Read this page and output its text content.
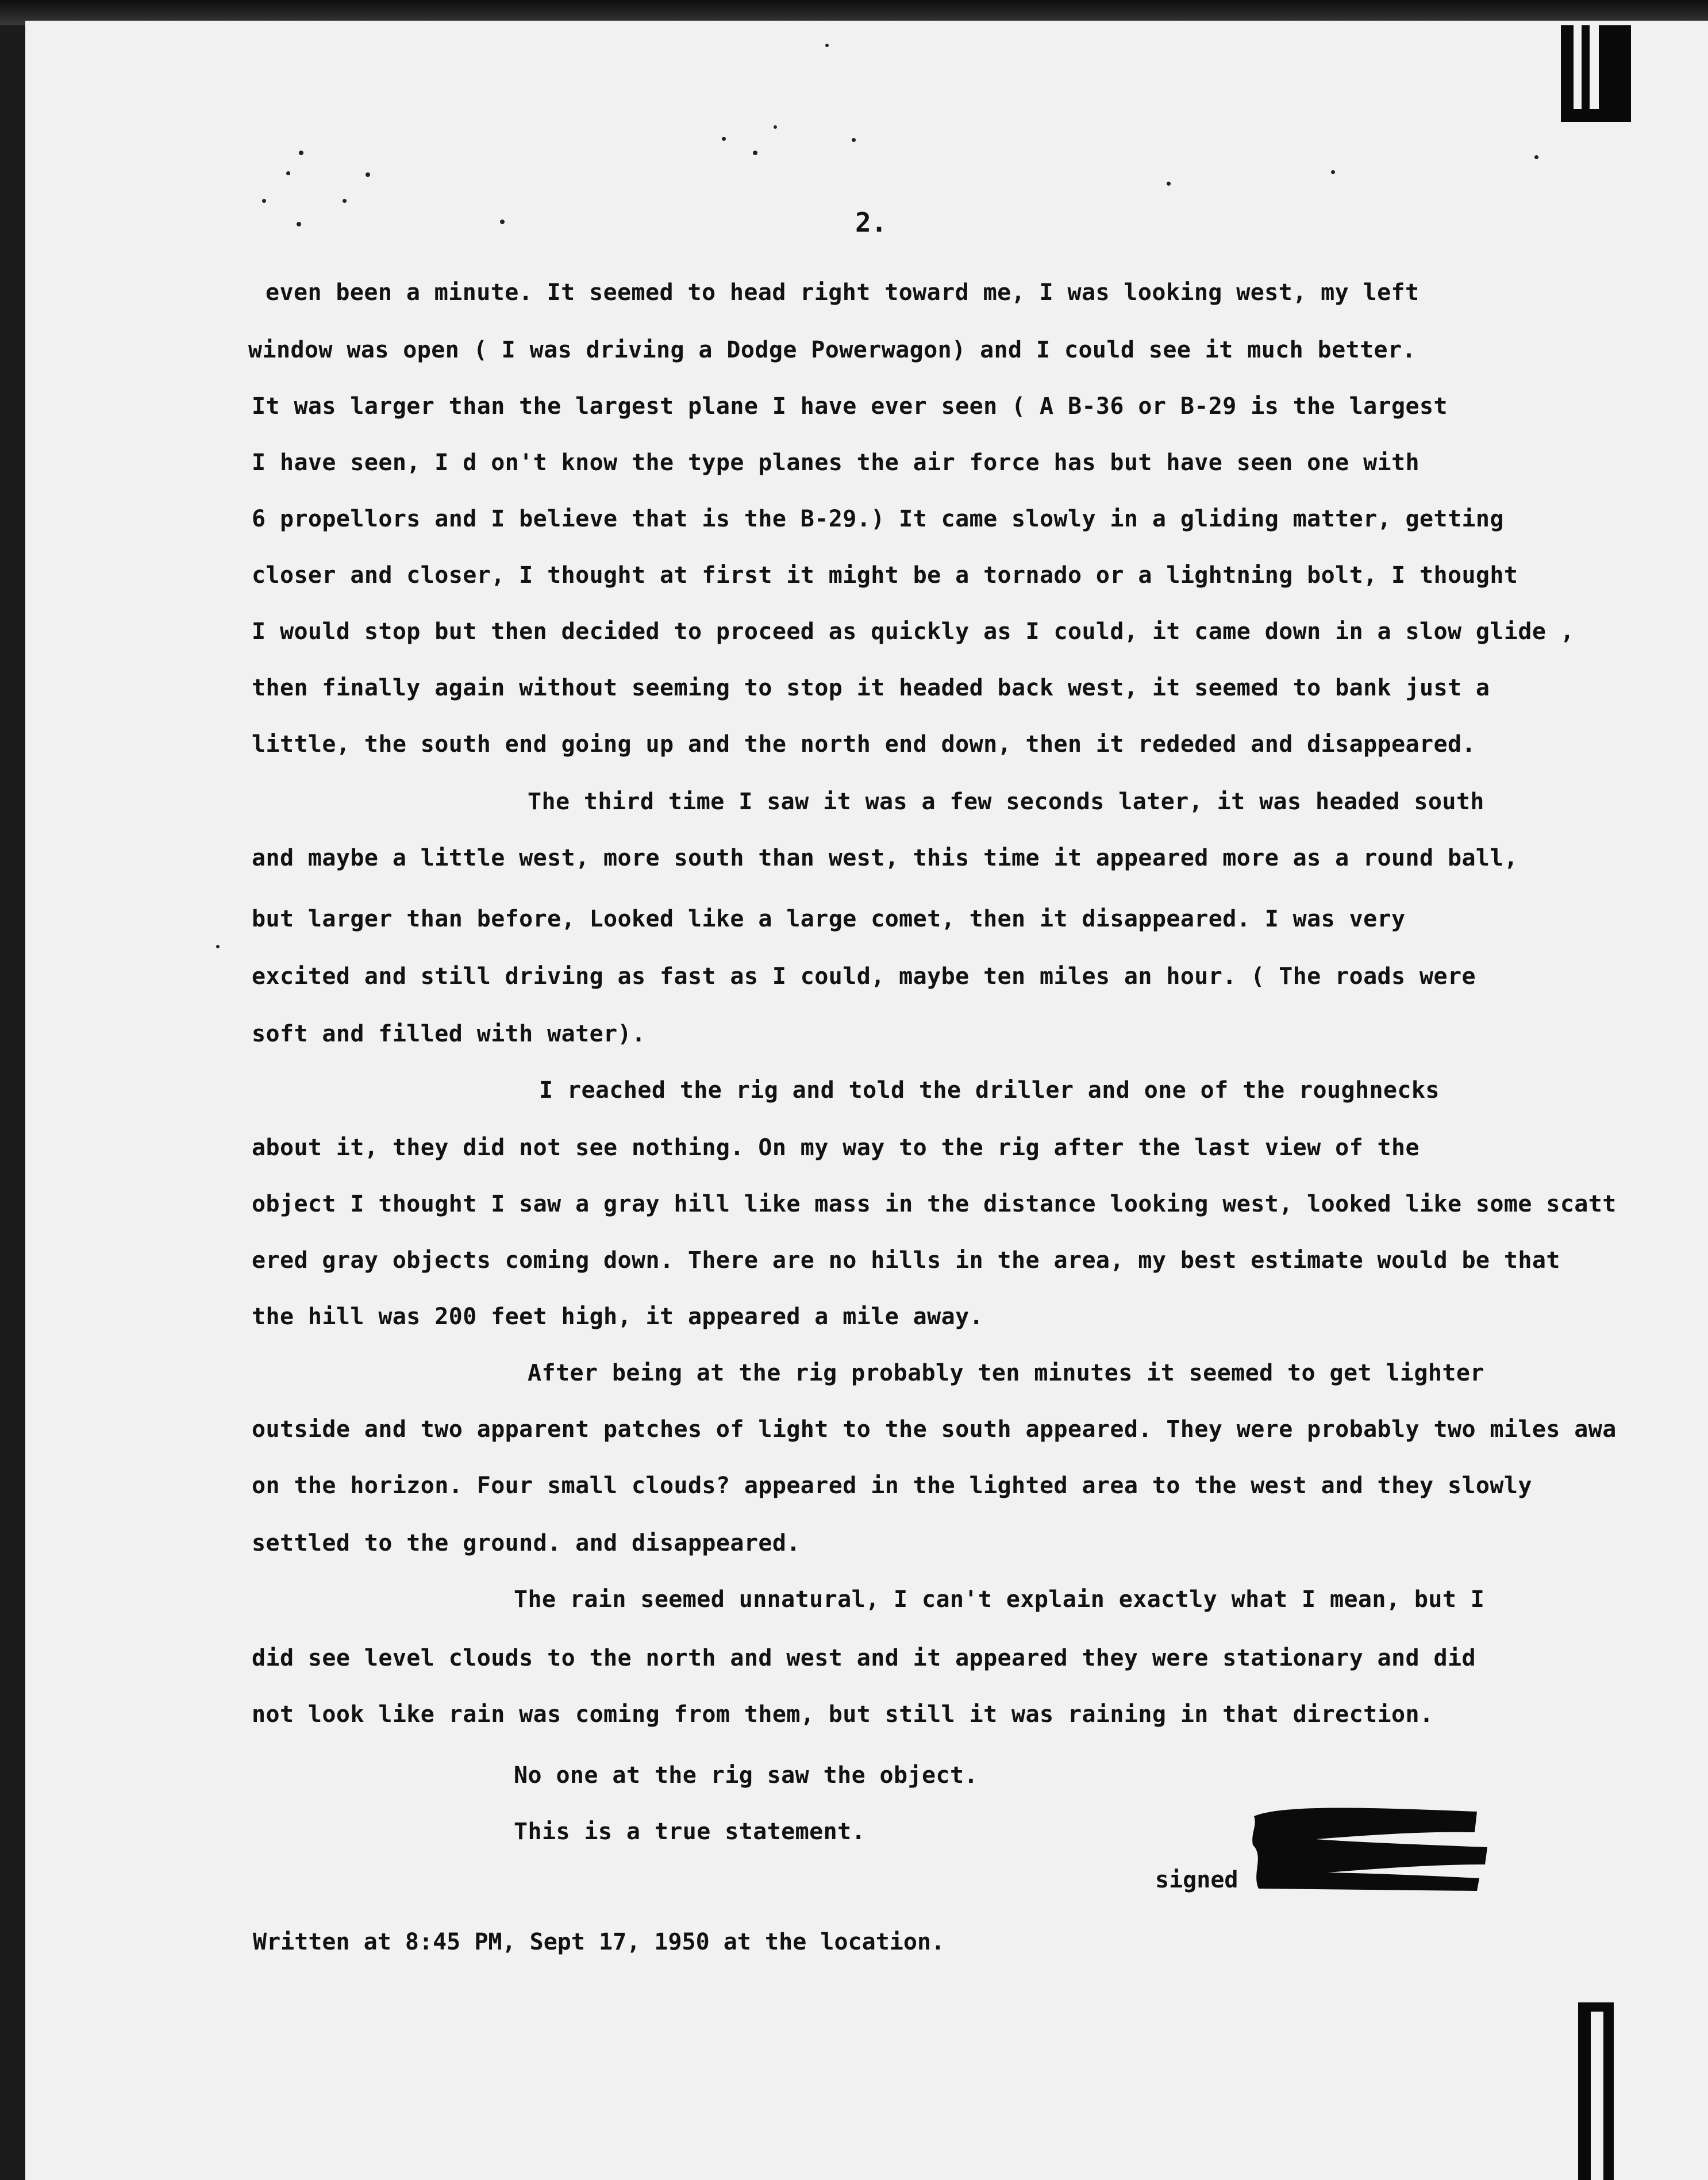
2.
even been a minute. It seemed to head right toward me, I was looking west, my left
window was open ( I was driving a Dodge Powerwagon) and I could see it much better.
It was larger than the largest plane I have ever seen ( A B-36 or B-29 is the largest
I have seen, I d on't know the type planes the air force has but have seen one with
6 propellors and I believe that is the B-29.) It came slowly in a gliding matter, getting
closer and closer, I thought at first it might be a tornado or a lightning bolt, I thought
I would stop but then decided to proceed as quickly as I could, it came down in a slow glide ,
then finally again without seeming to stop it headed back west, it seemed to bank just a
little, the south end going up and the north end down, then it rededed and disappeared.
The third time I saw it was a few seconds later, it was headed south
and maybe a little west, more south than west, this time it appeared more as a round ball,
but larger than before, Looked like a large comet, then it disappeared. I was very
excited and still driving as fast as I could, maybe ten miles an hour. ( The roads were
soft and filled with water).
I reached the rig and told the driller and one of the roughnecks
about it, they did not see nothing. On my way to the rig after the last view of the
object I thought I saw a gray hill like mass in the distance looking west, looked like some scatt
ered gray objects coming down. There are no hills in the area, my best estimate would be that
the hill was 200 feet high, it appeared a mile away.
After being at the rig probably ten minutes it seemed to get lighter
outside and two apparent patches of light to the south appeared. They were probably two miles awa
on the horizon. Four small clouds? appeared in the lighted area to the west and they slowly
settled to the ground. and disappeared.
The rain seemed unnatural, I can't explain exactly what I mean, but I
did see level clouds to the north and west and it appeared they were stationary and did
not look like rain was coming from them, but still it was raining in that direction.
No one at the rig saw the object.
This is a true statement.
signed
Written at 8:45 PM, Sept 17, 1950 at the location.
